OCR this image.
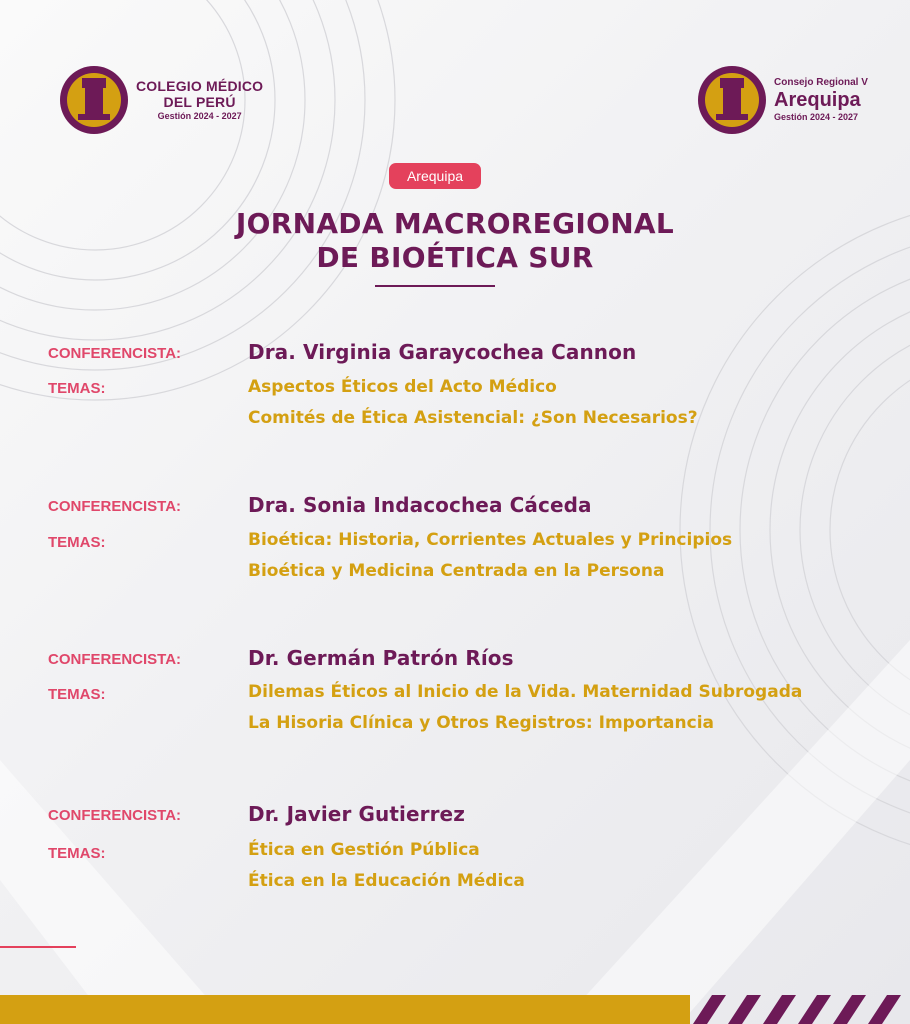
COLEGIO MÉDICO
DEL PERÚ
Gestión 2024 - 2027
Consejo Regional V
Arequipa
Gestión 2024 - 2027
Arequipa
JORNADA MACROREGIONAL
DE BIOÉTICA SUR
CONFERENCISTA:	Dra. Virginia Garaycochea Cannon
TEMAS:	Aspectos Éticos del Acto Médico
Comités de Ética Asistencial: ¿Son Necesarios?
CONFERENCISTA:	Dra. Sonia Indacochea Cáceda
TEMAS:	Bioética: Historia, Corrientes Actuales y Principios
Bioética y Medicina Centrada en la Persona
CONFERENCISTA:	Dr. Germán Patrón Ríos
TEMAS:	Dilemas Éticos al Inicio de la Vida. Maternidad Subrogada
La Hisoria Clínica y Otros Registros: Importancia
CONFERENCISTA:	Dr. Javier Gutierrez
TEMAS:	Ética en Gestión Pública
Ética en la Educación Médica
